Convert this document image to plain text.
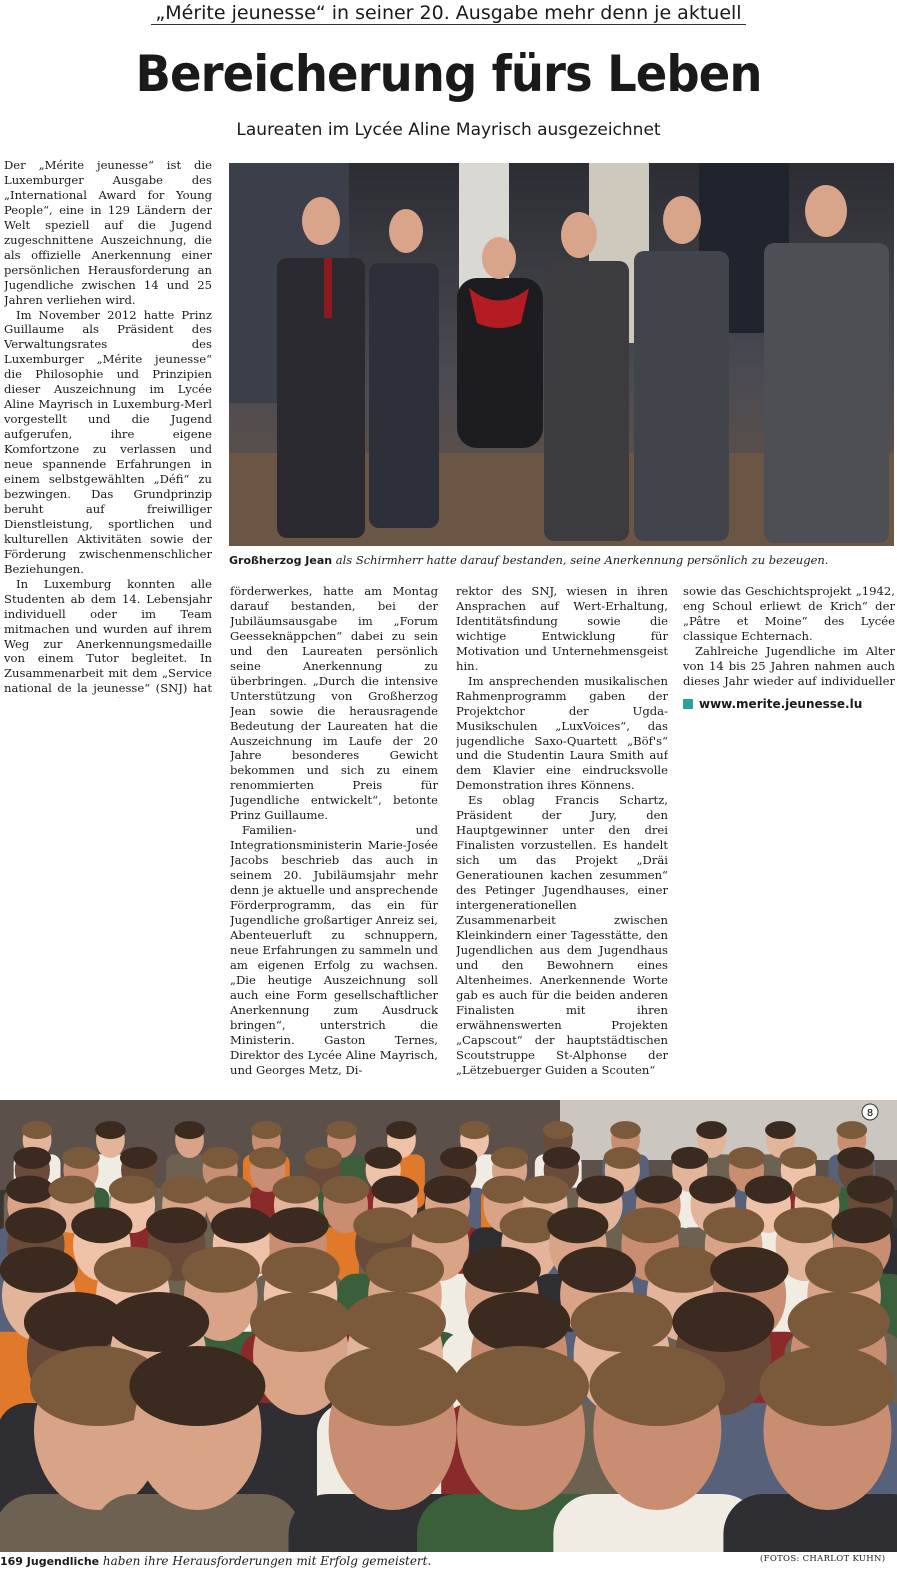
„Mérite jeunesse“ in seiner 20. Ausgabe mehr denn je aktuell
Bereicherung fürs Leben
Laureaten im Lycée Aline Mayrisch ausgezeichnet

Der „Mérite jeunesse“ ist die Luxemburger Ausgabe des „International Award for Young People“, eine in 129 Ländern der Welt speziell auf die Jugend zugeschnittene Auszeichnung, die als offizielle Anerkennung einer persönlichen Herausforderung an Jugendliche zwischen 14 und 25 Jahren verliehen wird.

Im November 2012 hatte Prinz Guillaume als Präsident des Verwaltungsrates des Luxemburger „Mérite jeunesse“ die Philosophie und Prinzipien dieser Auszeichnung im Lycée Aline Mayrisch in Luxemburg-Merl vorgestellt und die Jugend aufgerufen, ihre eigene Komfortzone zu verlassen und neue spannende Erfahrungen in einem selbstgewählten „Défi“ zu bezwingen. Das Grundprinzip beruht auf freiwilliger Dienstleistung, sportlichen und kulturellen Aktivitäten sowie der Förderung zwischenmenschlicher Beziehungen.

In Luxemburg konnten alle Studenten ab dem 14. Lebensjahr individuell oder im Team mitmachen und wurden auf ihrem Weg zur Anerkennungsmedaille von einem Tutor begleitet. In Zusammenarbeit mit dem „Service national de la jeunesse“ (SNJ) hat

Großherzog Jean als Schirmherr hatte darauf bestanden, seine Anerkennung persönlich zu bezeugen.

förderwerkes, hatte am Montag darauf bestanden, bei der Jubiläumsausgabe im „Forum Geesseknäppchen“ dabei zu sein und den Laureaten persönlich seine Anerkennung zu überbringen. „Durch die intensive Unterstützung von Großherzog Jean sowie die herausragende Bedeutung der Laureaten hat die Auszeichnung im Laufe der 20 Jahre besonderes Gewicht bekommen und sich zu einem renommierten Preis für Jugendliche entwickelt“, betonte Prinz Guillaume.

Familien- und Integrationsministerin Marie-Josée Jacobs beschrieb das auch in seinem 20. Jubiläumsjahr mehr denn je aktuelle und ansprechende Förderprogramm, das ein für Jugendliche großartiger Anreiz sei, Abenteuerluft zu schnuppern, neue Erfahrungen zu sammeln und am eigenen Erfolg zu wachsen. „Die heutige Auszeichnung soll auch eine Form gesellschaftlicher Anerkennung zum Ausdruck bringen“, unterstrich die Ministerin. Gaston Ternes, Direktor des Lycée Aline Mayrisch, und Georges Metz, Di-

rektor des SNJ, wiesen in ihren Ansprachen auf Wert-Erhaltung, Identitätsfindung sowie die wichtige Entwicklung für Motivation und Unternehmensgeist hin.

Im ansprechenden musikalischen Rahmenprogramm gaben der Projektchor der Ugda-Musikschulen „LuxVoices“, das jugendliche Saxo-Quartett „Böf's“ und die Studentin Laura Smith auf dem Klavier eine eindrucksvolle Demonstration ihres Könnens.

Es oblag Francis Schartz, Präsident der Jury, den Hauptgewinner unter den drei Finalisten vorzustellen. Es handelt sich um das Projekt „Dräi Generatiounen kachen zesummen“ des Petinger Jugendhauses, einer intergenerationellen Zusammenarbeit zwischen Kleinkindern einer Tagesstätte, den Jugendlichen aus dem Jugendhaus und den Bewohnern eines Altenheimes. Anerkennende Worte gab es auch für die beiden anderen Finalisten mit ihren erwähnenswerten Projekten „Capscout“ der hauptstädtischen Scoutstruppe St-Alphonse der „Lëtzebuerger Guiden a Scouten“

sowie das Geschichtsprojekt „1942, eng Schoul erliewt de Krich“ der „Pâtre et Moine“ des Lycée classique Echternach.

Zahlreiche Jugendliche im Alter von 14 bis 25 Jahren nahmen auch dieses Jahr wieder auf individueller

www.merite.jeunesse.lu
8
169 Jugendliche haben ihre Herausforderungen mit Erfolg gemeistert.	(FOTOS: CHARLOT KUHN)
